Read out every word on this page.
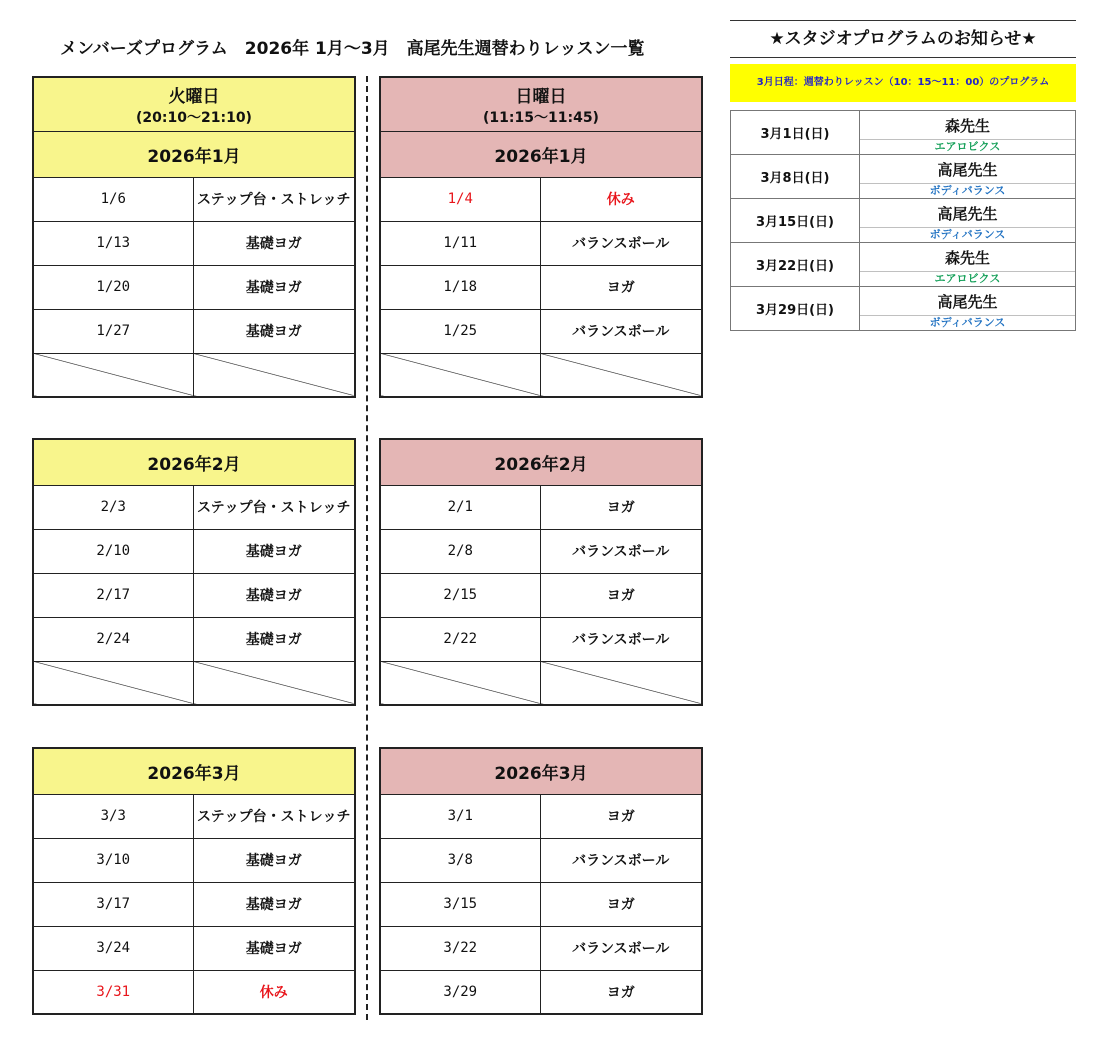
メンバーズプログラム　2026年 1月～3月　高尾先生週替わりレッスン一覧
火曜日
(20:10～21:10)	

2026年1月	
1/6	ステップ台・ストレッチ
1/13	基礎ヨガ
1/20	基礎ヨガ
1/27	基礎ヨガ

日曜日
(11:15～11:45)	

2026年1月	
1/4	休み
1/11	バランスボール
1/18	ヨガ
1/25	バランスボール

2026年2月	
2/3	ステップ台・ストレッチ
2/10	基礎ヨガ
2/17	基礎ヨガ
2/24	基礎ヨガ

2026年2月	
2/1	ヨガ
2/8	バランスボール
2/15	ヨガ
2/22	バランスボール

2026年3月	
3/3	ステップ台・ストレッチ
3/10	基礎ヨガ
3/17	基礎ヨガ
3/24	基礎ヨガ
3/31	休み
2026年3月	
3/1	ヨガ
3/8	バランスボール
3/15	ヨガ
3/22	バランスボール
3/29	ヨガ
★スタジオプログラムのお知らせ★
3月日程：週替わりレッスン（10：15～11：00）のプログラム
3月1日(日)	森先生
	エアロビクス
3月8日(日)	高尾先生
	ボディバランス
3月15日(日)	高尾先生
	ボディバランス
3月22日(日)	森先生
	エアロビクス
3月29日(日)	高尾先生
	ボディバランス
